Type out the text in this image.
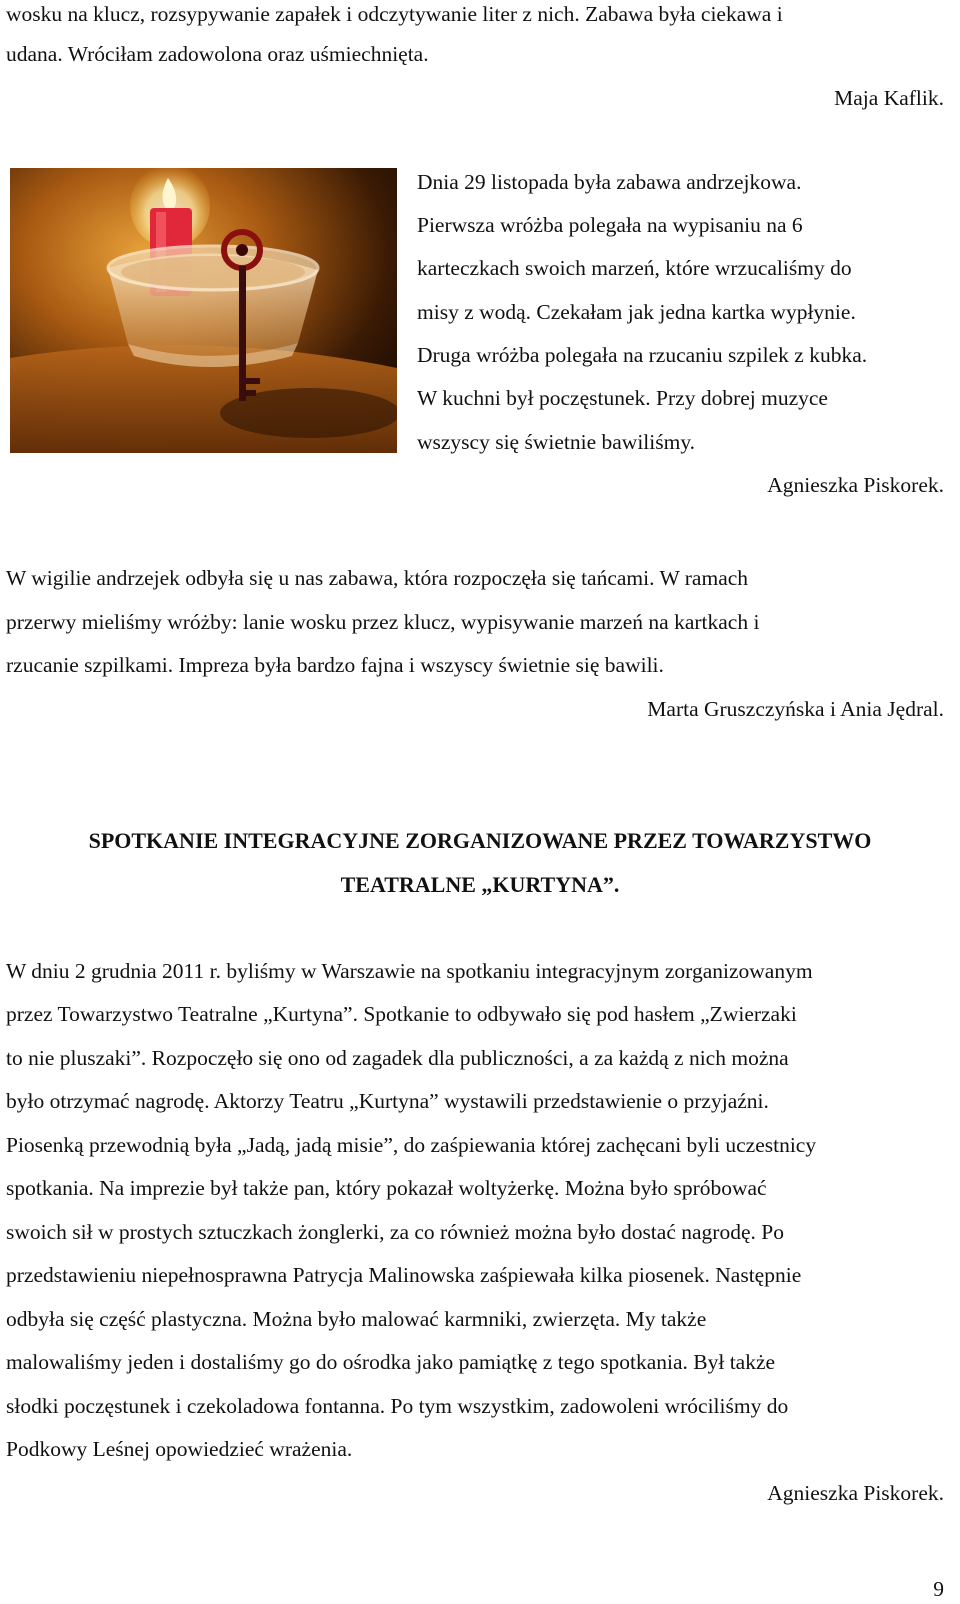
wosku na klucz, rozsypywanie zapałek i odczytywanie liter z nich. Zabawa była ciekawa i
udana. Wróciłam zadowolona oraz uśmiechnięta.
Maja Kaflik.
Dnia 29 listopada była zabawa andrzejkowa.
Pierwsza wróżba polegała na wypisaniu na 6
karteczkach swoich marzeń, które wrzucaliśmy do
misy z wodą. Czekałam jak jedna kartka wypłynie.
Druga wróżba polegała na rzucaniu szpilek z kubka.
W kuchni był poczęstunek. Przy dobrej muzyce
wszyscy się świetnie bawiliśmy.
Agnieszka Piskorek.
W wigilie andrzejek odbyła się u nas zabawa, która rozpoczęła się tańcami. W ramach
przerwy mieliśmy wróżby: lanie wosku przez klucz, wypisywanie marzeń na kartkach i
rzucanie szpilkami. Impreza była bardzo fajna i wszyscy świetnie się bawili.
Marta Gruszczyńska i Ania Jędral.
SPOTKANIE INTEGRACYJNE ZORGANIZOWANE PRZEZ TOWARZYSTWO
TEATRALNE „KURTYNA”.
W dniu 2 grudnia 2011 r. byliśmy w Warszawie na spotkaniu integracyjnym zorganizowanym
przez Towarzystwo Teatralne „Kurtyna”. Spotkanie to odbywało się pod hasłem „Zwierzaki
to nie pluszaki”. Rozpoczęło się ono od zagadek dla publiczności, a za każdą z nich można
było otrzymać nagrodę. Aktorzy Teatru „Kurtyna” wystawili przedstawienie o przyjaźni.
Piosenką przewodnią była „Jadą, jadą misie”, do zaśpiewania której zachęcani byli uczestnicy
spotkania. Na imprezie był także pan, który pokazał woltyżerkę. Można było spróbować
swoich sił w prostych sztuczkach żonglerki, za co również można było dostać nagrodę. Po
przedstawieniu niepełnosprawna Patrycja Malinowska zaśpiewała kilka piosenek. Następnie
odbyła się część plastyczna. Można było malować karmniki, zwierzęta. My także
malowaliśmy jeden i dostaliśmy go do ośrodka jako pamiątkę z tego spotkania. Był także
słodki poczęstunek i czekoladowa fontanna. Po tym wszystkim, zadowoleni wróciliśmy do
Podkowy Leśnej opowiedzieć wrażenia.
Agnieszka Piskorek.
9
